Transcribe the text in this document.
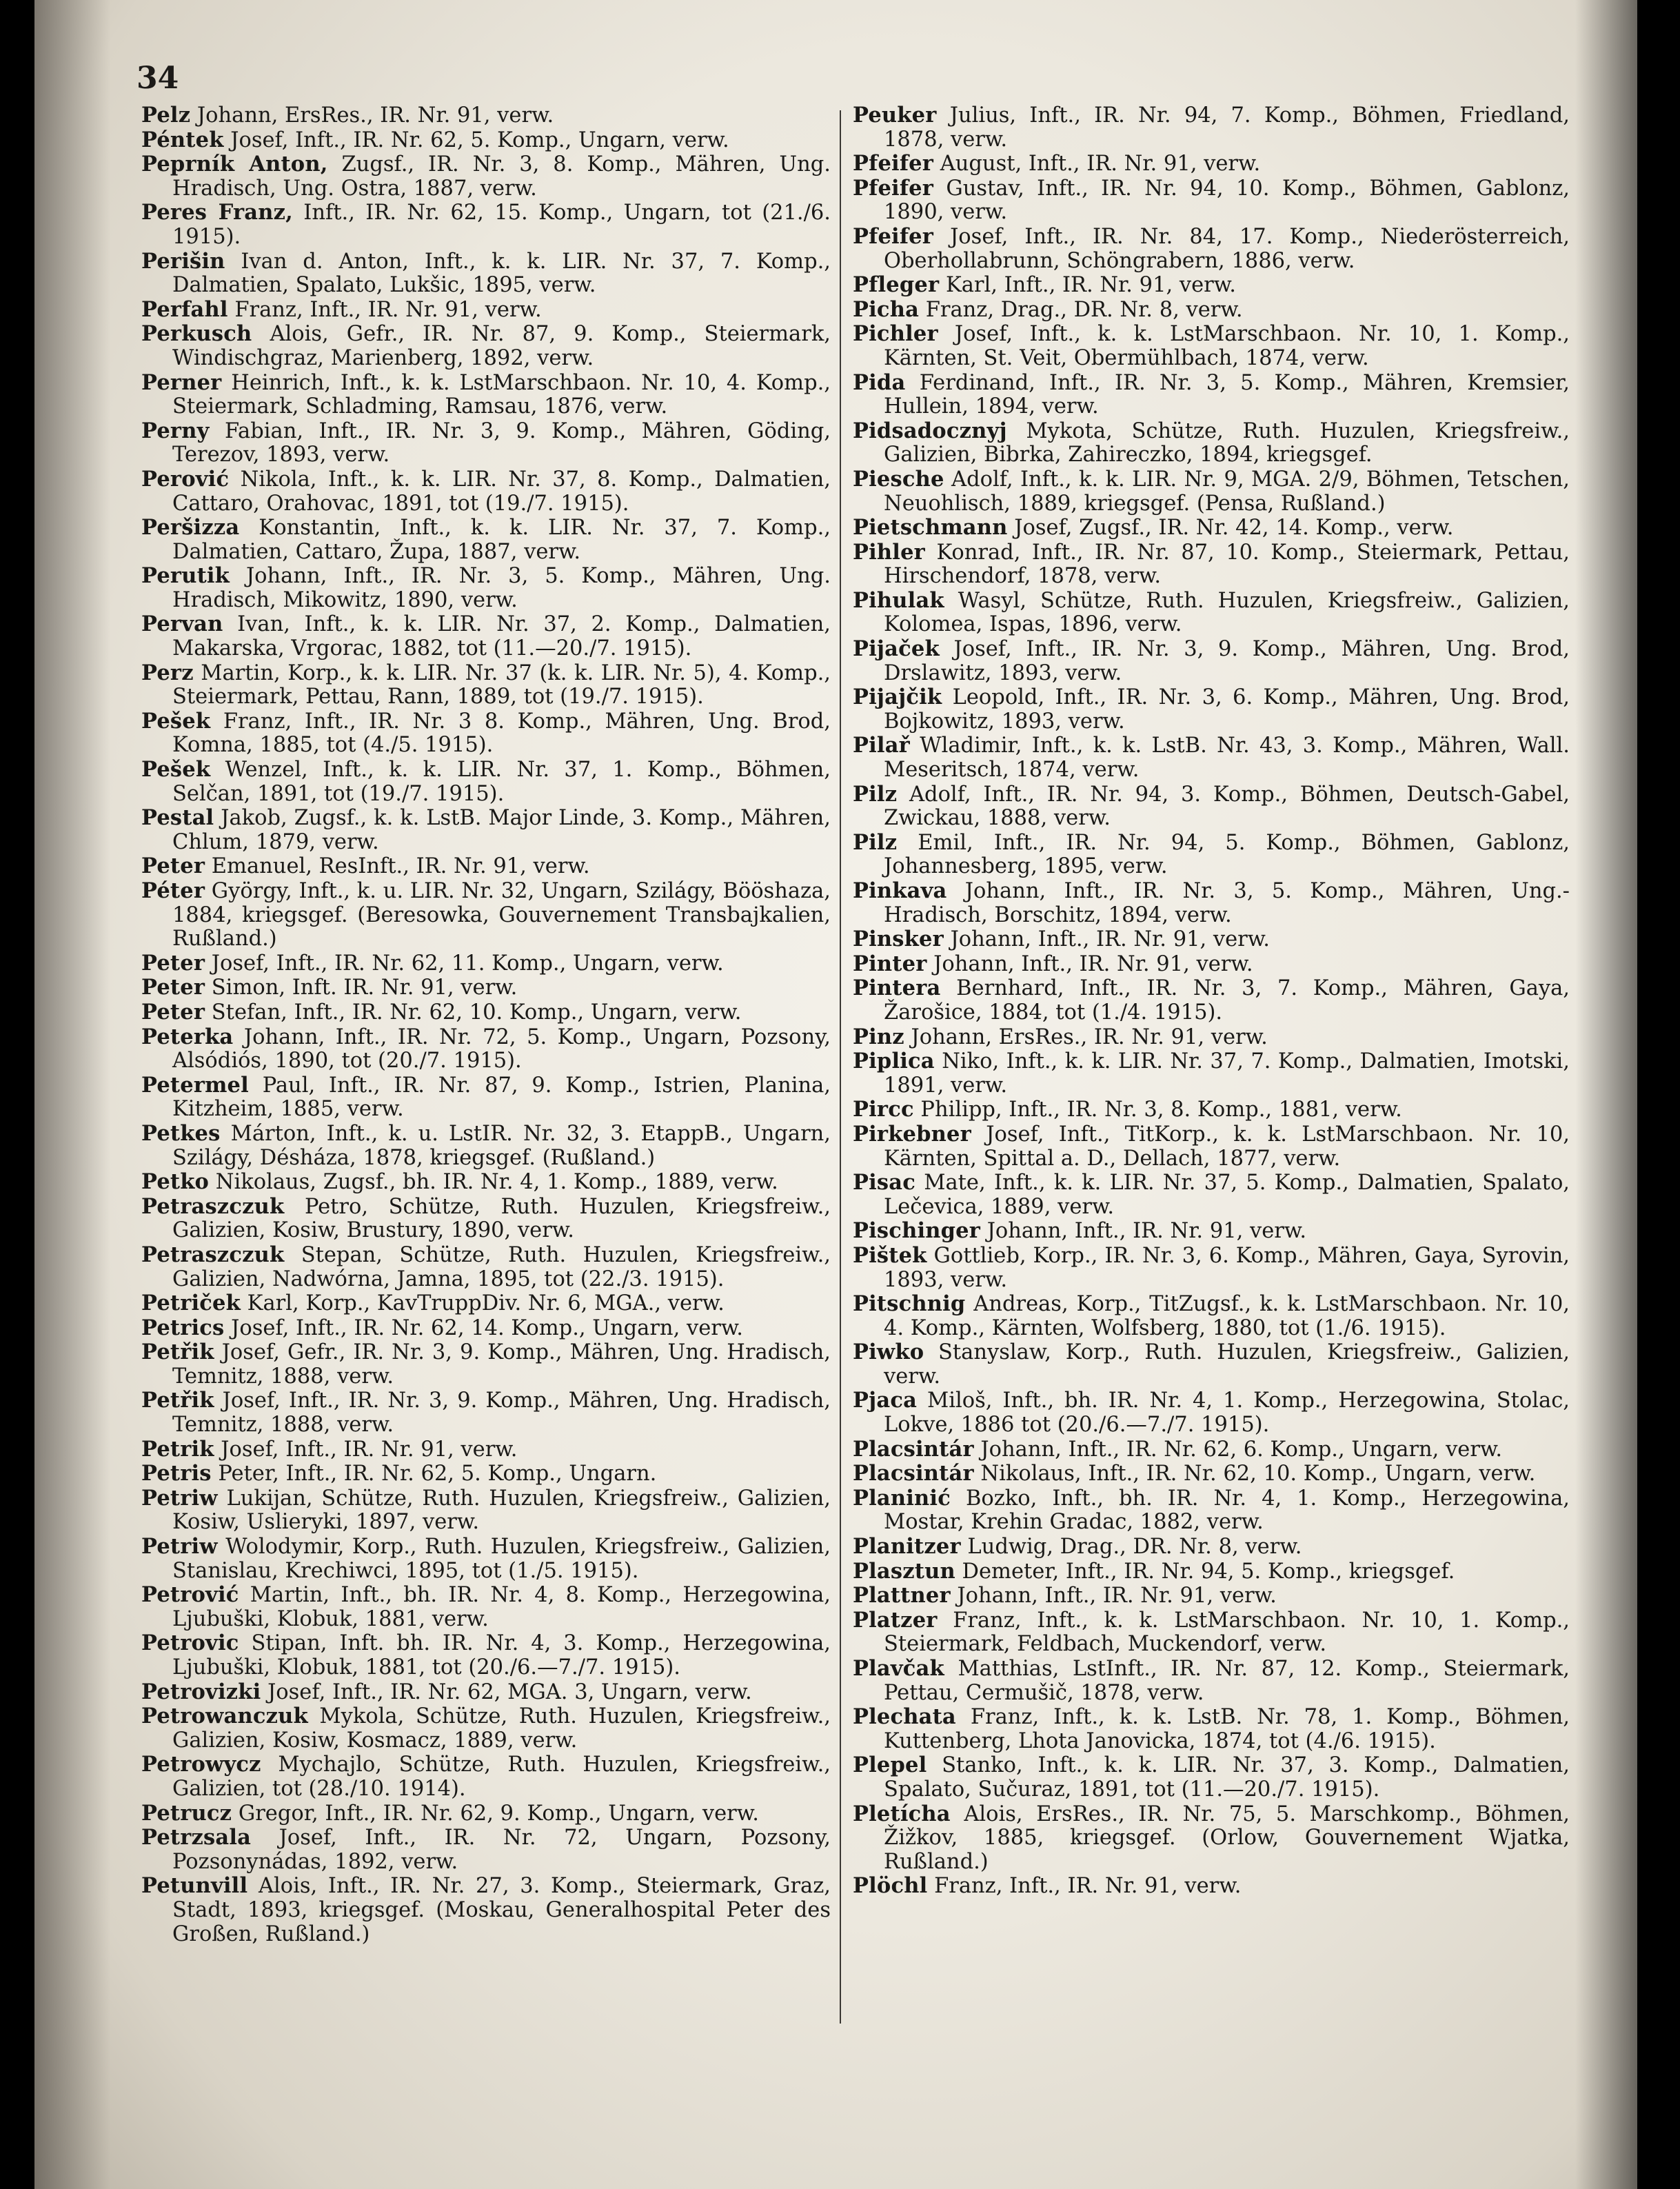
34

Pelz Johann, ErsRes., IR. Nr. 91, verw.

Péntek Josef, Inft., IR. Nr. 62, 5. Komp., Ungarn, verw.

Peprník Anton, Zugsf., IR. Nr. 3, 8. Komp., Mähren, Ung. Hradisch, Ung. Ostra, 1887, verw.

Peres Franz, Inft., IR. Nr. 62, 15. Komp., Ungarn, tot (21./6. 1915).

Perišin Ivan d. Anton, Inft., k. k. LIR. Nr. 37, 7. Komp., Dalmatien, Spalato, Lukšic, 1895, verw.

Perfahl Franz, Inft., IR. Nr. 91, verw.

Perkusch Alois, Gefr., IR. Nr. 87, 9. Komp., Steiermark, Windischgraz, Marienberg, 1892, verw.

Perner Heinrich, Inft., k. k. LstMarschbaon. Nr. 10, 4. Komp., Steiermark, Schladming, Ramsau, 1876, verw.

Perny Fabian, Inft., IR. Nr. 3, 9. Komp., Mähren, Göding, Terezov, 1893, verw.

Perović Nikola, Inft., k. k. LIR. Nr. 37, 8. Komp., Dalmatien, Cattaro, Orahovac, 1891, tot (19./7. 1915).

Peršizza Konstantin, Inft., k. k. LIR. Nr. 37, 7. Komp., Dalmatien, Cattaro, Župa, 1887, verw.

Perutik Johann, Inft., IR. Nr. 3, 5. Komp., Mähren, Ung. Hradisch, Mikowitz, 1890, verw.

Pervan Ivan, Inft., k. k. LIR. Nr. 37, 2. Komp., Dalmatien, Makarska, Vrgorac, 1882, tot (11.—20./7. 1915).

Perz Martin, Korp., k. k. LIR. Nr. 37 (k. k. LIR. Nr. 5), 4. Komp., Steiermark, Pettau, Rann, 1889, tot (19./7. 1915).

Pešek Franz, Inft., IR. Nr. 3 8. Komp., Mähren, Ung. Brod, Komna, 1885, tot (4./5. 1915).

Pešek Wenzel, Inft., k. k. LIR. Nr. 37, 1. Komp., Böhmen, Selčan, 1891, tot (19./7. 1915).

Pestal Jakob, Zugsf., k. k. LstB. Major Linde, 3. Komp., Mähren, Chlum, 1879, verw.

Peter Emanuel, ResInft., IR. Nr. 91, verw.

Péter György, Inft., k. u. LIR. Nr. 32, Ungarn, Szilágy, Bööshaza, 1884, kriegsgef. (Beresowka, Gouvernement Transbajkalien, Rußland.)

Peter Josef, Inft., IR. Nr. 62, 11. Komp., Ungarn, verw.

Peter Simon, Inft. IR. Nr. 91, verw.

Peter Stefan, Inft., IR. Nr. 62, 10. Komp., Ungarn, verw.

Peterka Johann, Inft., IR. Nr. 72, 5. Komp., Ungarn, Pozsony, Alsódiós, 1890, tot (20./7. 1915).

Petermel Paul, Inft., IR. Nr. 87, 9. Komp., Istrien, Planina, Kitzheim, 1885, verw.

Petkes Márton, Inft., k. u. LstIR. Nr. 32, 3. EtappB., Ungarn, Szilágy, Désháza, 1878, kriegsgef. (Rußland.)

Petko Nikolaus, Zugsf., bh. IR. Nr. 4, 1. Komp., 1889, verw.

Petraszczuk Petro, Schütze, Ruth. Huzulen, Kriegsfreiw., Galizien, Kosiw, Brustury, 1890, verw.

Petraszczuk Stepan, Schütze, Ruth. Huzulen, Kriegsfreiw., Galizien, Nadwórna, Jamna, 1895, tot (22./3. 1915).

Petriček Karl, Korp., KavTruppDiv. Nr. 6, MGA., verw.

Petrics Josef, Inft., IR. Nr. 62, 14. Komp., Ungarn, verw.

Petřik Josef, Gefr., IR. Nr. 3, 9. Komp., Mähren, Ung. Hradisch, Temnitz, 1888, verw.

Petřik Josef, Inft., IR. Nr. 3, 9. Komp., Mähren, Ung. Hradisch, Temnitz, 1888, verw.

Petrik Josef, Inft., IR. Nr. 91, verw.

Petris Peter, Inft., IR. Nr. 62, 5. Komp., Ungarn.

Petriw Lukijan, Schütze, Ruth. Huzulen, Kriegsfreiw., Galizien, Kosiw, Uslieryki, 1897, verw.

Petriw Wolodymir, Korp., Ruth. Huzulen, Kriegsfreiw., Galizien, Stanislau, Krechiwci, 1895, tot (1./5. 1915).

Petrović Martin, Inft., bh. IR. Nr. 4, 8. Komp., Herzegowina, Ljubuški, Klobuk, 1881, verw.

Petrovic Stipan, Inft. bh. IR. Nr. 4, 3. Komp., Herzegowina, Ljubuški, Klobuk, 1881, tot (20./6.—7./7. 1915).

Petrovizki Josef, Inft., IR. Nr. 62, MGA. 3, Ungarn, verw.

Petrowanczuk Mykola, Schütze, Ruth. Huzulen, Kriegsfreiw., Galizien, Kosiw, Kosmacz, 1889, verw.

Petrowycz Mychajlo, Schütze, Ruth. Huzulen, Kriegsfreiw., Galizien, tot (28./10. 1914).

Petrucz Gregor, Inft., IR. Nr. 62, 9. Komp., Ungarn, verw.

Petrzsala Josef, Inft., IR. Nr. 72, Ungarn, Pozsony, Pozsonynádas, 1892, verw.

Petunvill Alois, Inft., IR. Nr. 27, 3. Komp., Steiermark, Graz, Stadt, 1893, kriegsgef. (Moskau, Generalhospital Peter des Großen, Rußland.)

Peuker Julius, Inft., IR. Nr. 94, 7. Komp., Böhmen, Friedland, 1878, verw.

Pfeifer August, Inft., IR. Nr. 91, verw.

Pfeifer Gustav, Inft., IR. Nr. 94, 10. Komp., Böhmen, Gablonz, 1890, verw.

Pfeifer Josef, Inft., IR. Nr. 84, 17. Komp., Niederösterreich, Oberhollabrunn, Schöngrabern, 1886, verw.

Pfleger Karl, Inft., IR. Nr. 91, verw.

Picha Franz, Drag., DR. Nr. 8, verw.

Pichler Josef, Inft., k. k. LstMarschbaon. Nr. 10, 1. Komp., Kärnten, St. Veit, Obermühlbach, 1874, verw.

Pida Ferdinand, Inft., IR. Nr. 3, 5. Komp., Mähren, Kremsier, Hullein, 1894, verw.

Pidsadocznyj Mykota, Schütze, Ruth. Huzulen, Kriegsfreiw., Galizien, Bibrka, Zahireczko, 1894, kriegsgef.

Piesche Adolf, Inft., k. k. LIR. Nr. 9, MGA. 2/9, Böhmen, Tetschen, Neuohlisch, 1889, kriegsgef. (Pensa, Rußland.)

Pietschmann Josef, Zugsf., IR. Nr. 42, 14. Komp., verw.

Pihler Konrad, Inft., IR. Nr. 87, 10. Komp., Steiermark, Pettau, Hirschendorf, 1878, verw.

Pihulak Wasyl, Schütze, Ruth. Huzulen, Kriegsfreiw., Galizien, Kolomea, Ispas, 1896, verw.

Pijaček Josef, Inft., IR. Nr. 3, 9. Komp., Mähren, Ung. Brod, Drslawitz, 1893, verw.

Pijajčik Leopold, Inft., IR. Nr. 3, 6. Komp., Mähren, Ung. Brod, Bojkowitz, 1893, verw.

Pilař Wladimir, Inft., k. k. LstB. Nr. 43, 3. Komp., Mähren, Wall. Meseritsch, 1874, verw.

Pilz Adolf, Inft., IR. Nr. 94, 3. Komp., Böhmen, Deutsch-Gabel, Zwickau, 1888, verw.

Pilz Emil, Inft., IR. Nr. 94, 5. Komp., Böhmen, Gablonz, Johannesberg, 1895, verw.

Pinkava Johann, Inft., IR. Nr. 3, 5. Komp., Mähren, Ung.-Hradisch, Borschitz, 1894, verw.

Pinsker Johann, Inft., IR. Nr. 91, verw.

Pinter Johann, Inft., IR. Nr. 91, verw.

Pintera Bernhard, Inft., IR. Nr. 3, 7. Komp., Mähren, Gaya, Žarošice, 1884, tot (1./4. 1915).

Pinz Johann, ErsRes., IR. Nr. 91, verw.

Piplica Niko, Inft., k. k. LIR. Nr. 37, 7. Komp., Dalmatien, Imotski, 1891, verw.

Pircc Philipp, Inft., IR. Nr. 3, 8. Komp., 1881, verw.

Pirkebner Josef, Inft., TitKorp., k. k. LstMarschbaon. Nr. 10, Kärnten, Spittal a. D., Dellach, 1877, verw.

Pisac Mate, Inft., k. k. LIR. Nr. 37, 5. Komp., Dalmatien, Spalato, Lečevica, 1889, verw.

Pischinger Johann, Inft., IR. Nr. 91, verw.

Pištek Gottlieb, Korp., IR. Nr. 3, 6. Komp., Mähren, Gaya, Syrovin, 1893, verw.

Pitschnig Andreas, Korp., TitZugsf., k. k. LstMarschbaon. Nr. 10, 4. Komp., Kärnten, Wolfsberg, 1880, tot (1./6. 1915).

Piwko Stanyslaw, Korp., Ruth. Huzulen, Kriegsfreiw., Galizien, verw.

Pjaca Miloš, Inft., bh. IR. Nr. 4, 1. Komp., Herzegowina, Stolac, Lokve, 1886 tot (20./6.—7./7. 1915).

Placsintár Johann, Inft., IR. Nr. 62, 6. Komp., Ungarn, verw.

Placsintár Nikolaus, Inft., IR. Nr. 62, 10. Komp., Ungarn, verw.

Planinić Bozko, Inft., bh. IR. Nr. 4, 1. Komp., Herzegowina, Mostar, Krehin Gradac, 1882, verw.

Planitzer Ludwig, Drag., DR. Nr. 8, verw.

Plasztun Demeter, Inft., IR. Nr. 94, 5. Komp., kriegsgef.

Plattner Johann, Inft., IR. Nr. 91, verw.

Platzer Franz, Inft., k. k. LstMarschbaon. Nr. 10, 1. Komp., Steiermark, Feldbach, Muckendorf, verw.

Plavčak Matthias, LstInft., IR. Nr. 87, 12. Komp., Steiermark, Pettau, Cermušič, 1878, verw.

Plechata Franz, Inft., k. k. LstB. Nr. 78, 1. Komp., Böhmen, Kuttenberg, Lhota Janovicka, 1874, tot (4./6. 1915).

Plepel Stanko, Inft., k. k. LIR. Nr. 37, 3. Komp., Dalmatien, Spalato, Sučuraz, 1891, tot (11.—20./7. 1915).

Pletícha Alois, ErsRes., IR. Nr. 75, 5. Marschkomp., Böhmen, Žižkov, 1885, kriegsgef. (Orlow, Gouvernement Wjatka, Rußland.)

Plöchl Franz, Inft., IR. Nr. 91, verw.
